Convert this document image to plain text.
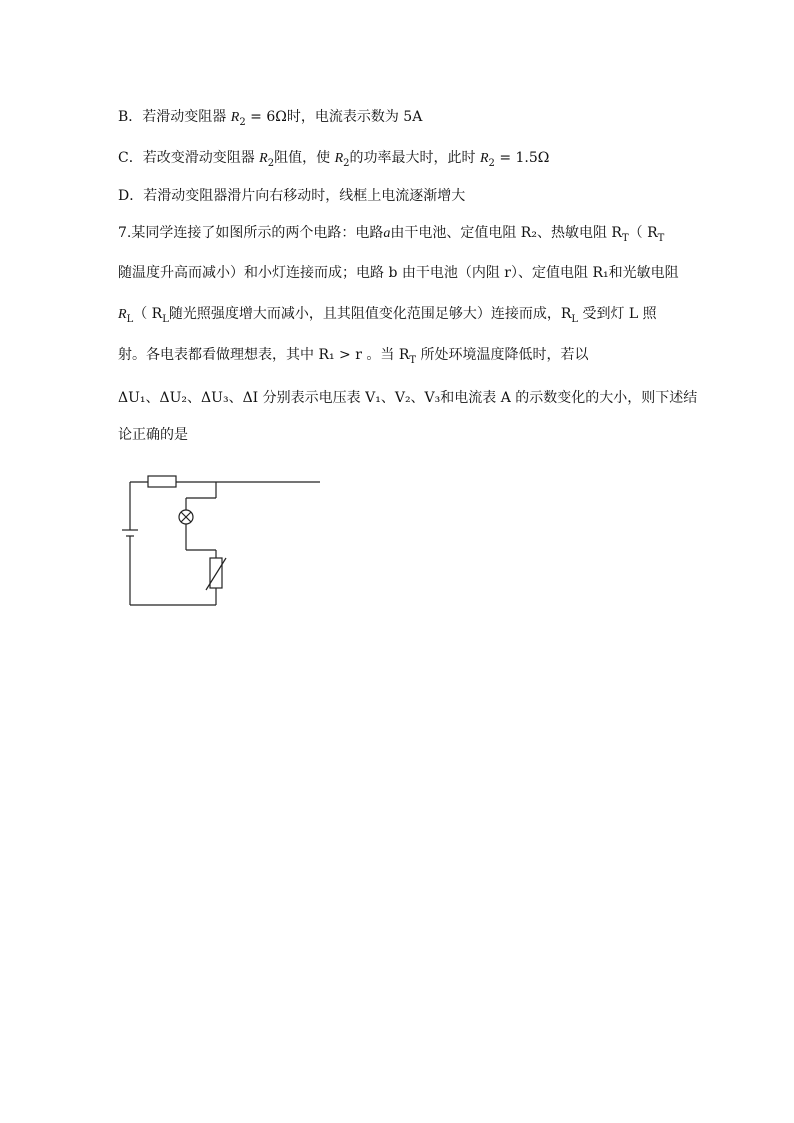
B．若滑动变阻器 $R_2 = 6\Omega$时，电流表示数为 5A
C．若改变滑动变阻器 $R_2$阻值，使 $R_2$的功率最大时，此时 $R_2 = 1.5\Omega$
D．若滑动变阻器滑片向右移动时，线框上电流逐渐增大
7.某同学连接了如图所示的两个电路：电路a由干电池、定值电阻 R₂、热敏电阻 $R_T$（ $R_T$
随温度升高而减小）和小灯连接而成；电路 b 由干电池（内阻 r）、定值电阻 R₁和光敏电阻
$R_L$（ $R_L$随光照强度增大而减小，且其阻值变化范围足够大）连接而成，$R_L$ 受到灯 L 照
射。各电表都看做理想表，其中 R₁ > r 。当 $R_T$ 所处环境温度降低时，若以
ΔU₁、ΔU₂、ΔU₃、ΔI 分别表示电压表 V₁、V₂、V₃和电流表 A 的示数变化的大小，则下述结
论正确的是
